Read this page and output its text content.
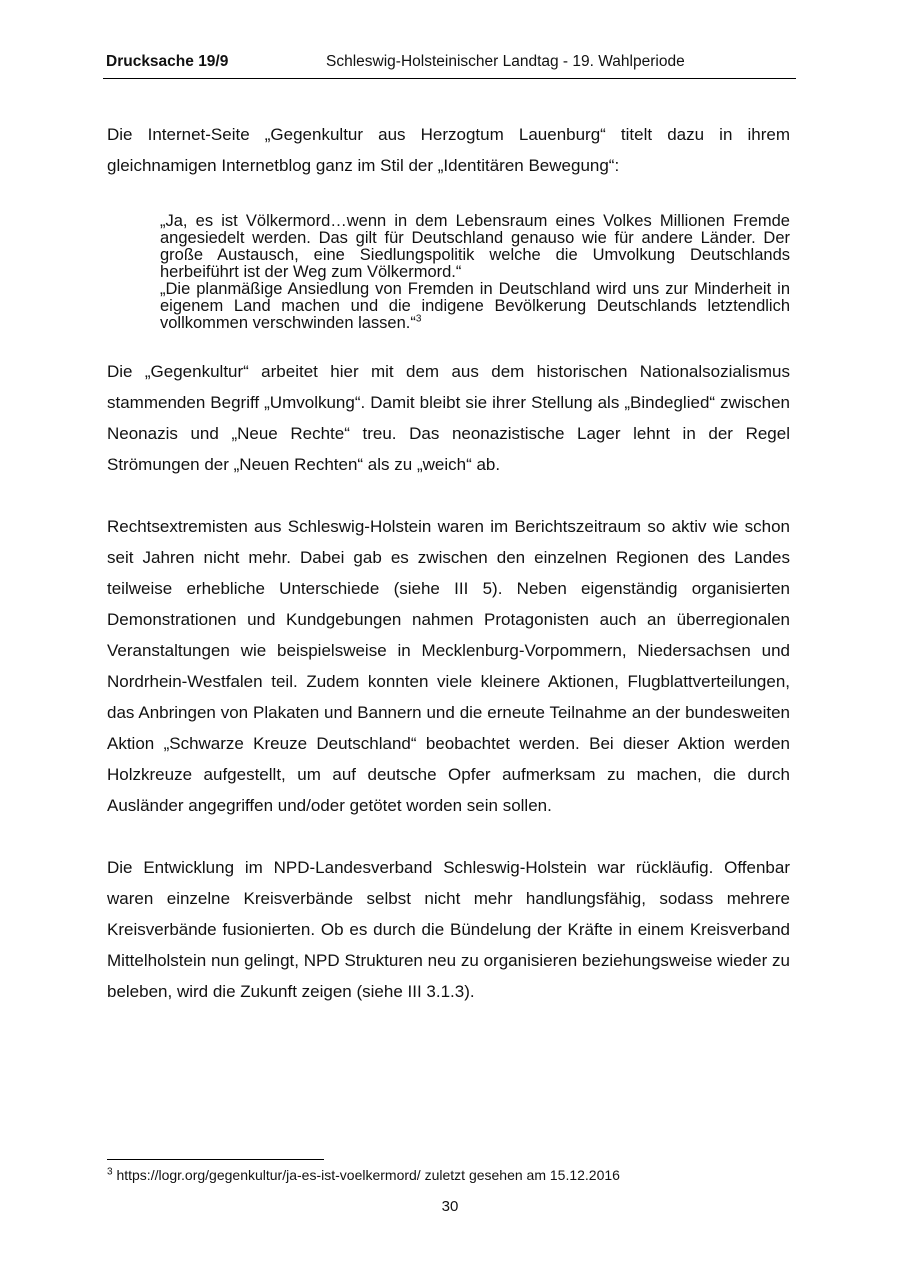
Drucksache 19/9	Schleswig-Holsteinischer Landtag - 19. Wahlperiode

Die Internet-Seite „Gegenkultur aus Herzogtum Lauenburg“ titelt dazu in ihrem gleichnamigen Internetblog ganz im Stil der „Identitären Bewegung“:

„Ja, es ist Völkermord…wenn in dem Lebensraum eines Volkes Millionen Fremde angesiedelt werden. Das gilt für Deutschland genauso wie für andere Länder. Der große Austausch, eine Siedlungspolitik welche die Umvolkung Deutschlands herbeiführt ist der Weg zum Völkermord.“

„Die planmäßige Ansiedlung von Fremden in Deutschland wird uns zur Minderheit in eigenem Land machen und die indigene Bevölkerung Deutschlands letztendlich vollkommen verschwinden lassen.“$^3$

Die „Gegenkultur“ arbeitet hier mit dem aus dem historischen Nationalsozialismus stammenden Begriff „Umvolkung“. Damit bleibt sie ihrer Stellung als „Bindeglied“ zwischen Neonazis und „Neue Rechte“ treu. Das neonazistische Lager lehnt in der Regel Strömungen der „Neuen Rechten“ als zu „weich“ ab.

Rechtsextremisten aus Schleswig-Holstein waren im Berichtszeitraum so aktiv wie schon seit Jahren nicht mehr. Dabei gab es zwischen den einzelnen Regionen des Landes teilweise erhebliche Unterschiede (siehe III 5). Neben eigenständig organisierten Demonstrationen und Kundgebungen nahmen Protagonisten auch an überregionalen Veranstaltungen wie beispielsweise in Mecklenburg-Vorpommern, Niedersachsen und Nordrhein-Westfalen teil. Zudem konnten viele kleinere Aktionen, Flugblattverteilungen, das Anbringen von Plakaten und Bannern und die erneute Teilnahme an der bundesweiten Aktion „Schwarze Kreuze Deutschland“ beobachtet werden. Bei dieser Aktion werden Holzkreuze aufgestellt, um auf deutsche Opfer aufmerksam zu machen, die durch Ausländer angegriffen und/oder getötet worden sein sollen.

Die Entwicklung im NPD-Landesverband Schleswig-Holstein war rückläufig. Offenbar waren einzelne Kreisverbände selbst nicht mehr handlungsfähig, sodass mehrere Kreisverbände fusionierten. Ob es durch die Bündelung der Kräfte in einem Kreisverband Mittelholstein nun gelingt, NPD Strukturen neu zu organisieren beziehungsweise wieder zu beleben, wird die Zukunft zeigen (siehe III 3.1.3).

$^3$ https://logr.org/gegenkultur/ja-es-ist-voelkermord/ zuletzt gesehen am 15.12.2016
30
